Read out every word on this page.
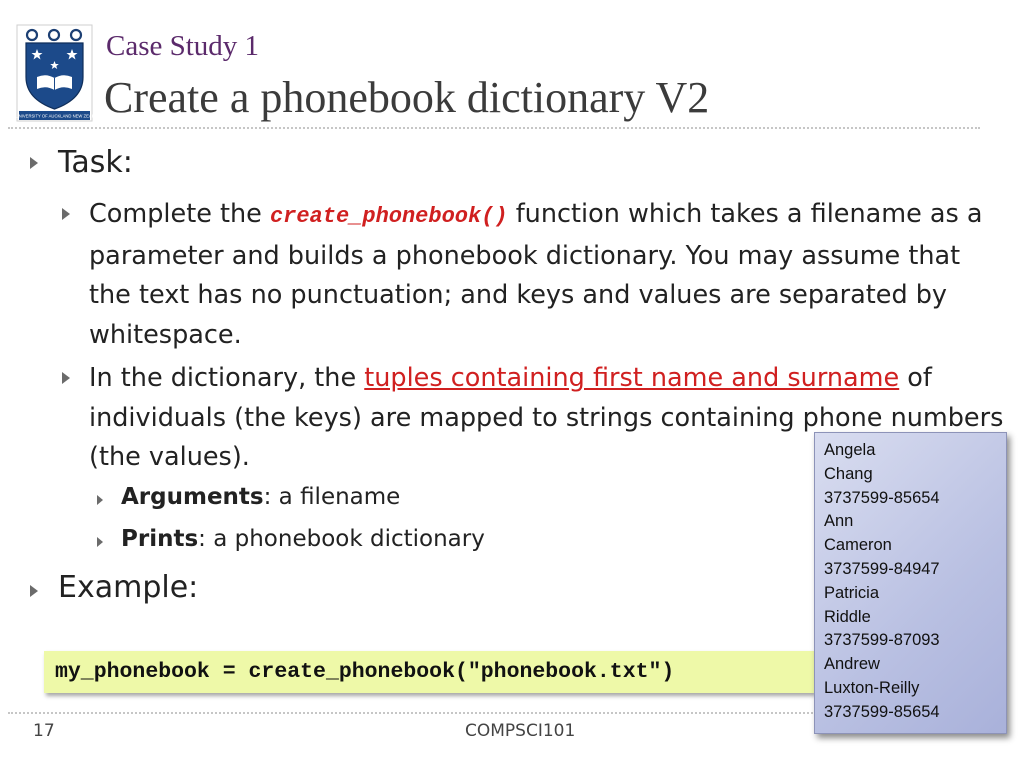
THE UNIVERSITY OF AUCKLAND NEW ZEALAND
Case Study 1
Create a phonebook dictionary V2
Task:
Complete the create_phonebook() function which takes a filename as a parameter and builds a phonebook dictionary. You may assume that the text has no punctuation; and keys and values are separated by whitespace.
In the dictionary, the tuples containing first name and surname of individuals (the keys) are mapped to strings containing phone numbers (the values).
Arguments: a filename
Prints: a phonebook dictionary
Example:
my_phonebook = create_phonebook("phonebook.txt")
17	COMPSCI101
Angela
Chang
3737599-85654
Ann
Cameron
3737599-84947
Patricia
Riddle
3737599-87093
Andrew
Luxton-Reilly
3737599-85654
